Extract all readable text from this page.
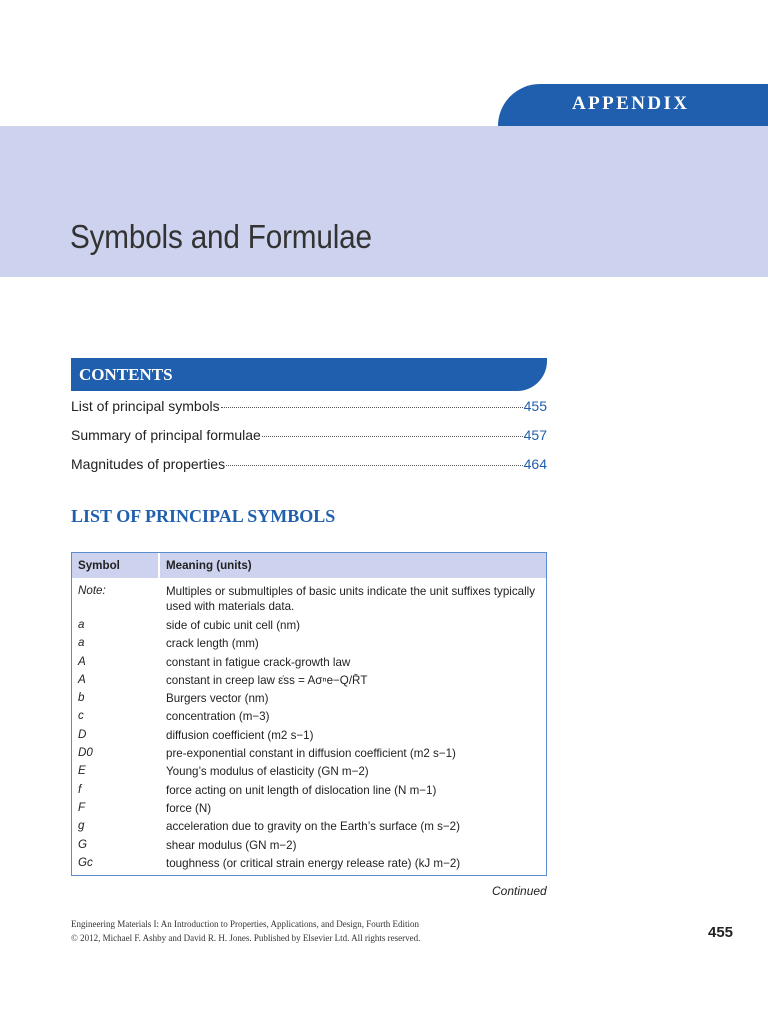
APPENDIX
Symbols and Formulae
CONTENTS
List of principal symbols	455
Summary of principal formulae	457
Magnitudes of properties	464
LIST OF PRINCIPAL SYMBOLS
Symbol	Meaning (units)
Note:	Multiples or submultiples of basic units indicate the unit suffixes typically used with materials data.
a	side of cubic unit cell (nm)
a	crack length (mm)
A	constant in fatigue crack-growth law
A	constant in creep law ε̇ss = Aσⁿe−Q/R̄T
b	Burgers vector (nm)
c	concentration (m−3)
D	diffusion coefficient (m2 s−1)
D0	pre-exponential constant in diffusion coefficient (m2 s−1)
E	Young’s modulus of elasticity (GN m−2)
f	force acting on unit length of dislocation line (N m−1)
F	force (N)
g	acceleration due to gravity on the Earth’s surface (m s−2)
G	shear modulus (GN m−2)
Gc	toughness (or critical strain energy release rate) (kJ m−2)
Continued
Engineering Materials I: An Introduction to Properties, Applications, and Design, Fourth Edition
© 2012, Michael F. Ashby and David R. H. Jones. Published by Elsevier Ltd. All rights reserved.	455
